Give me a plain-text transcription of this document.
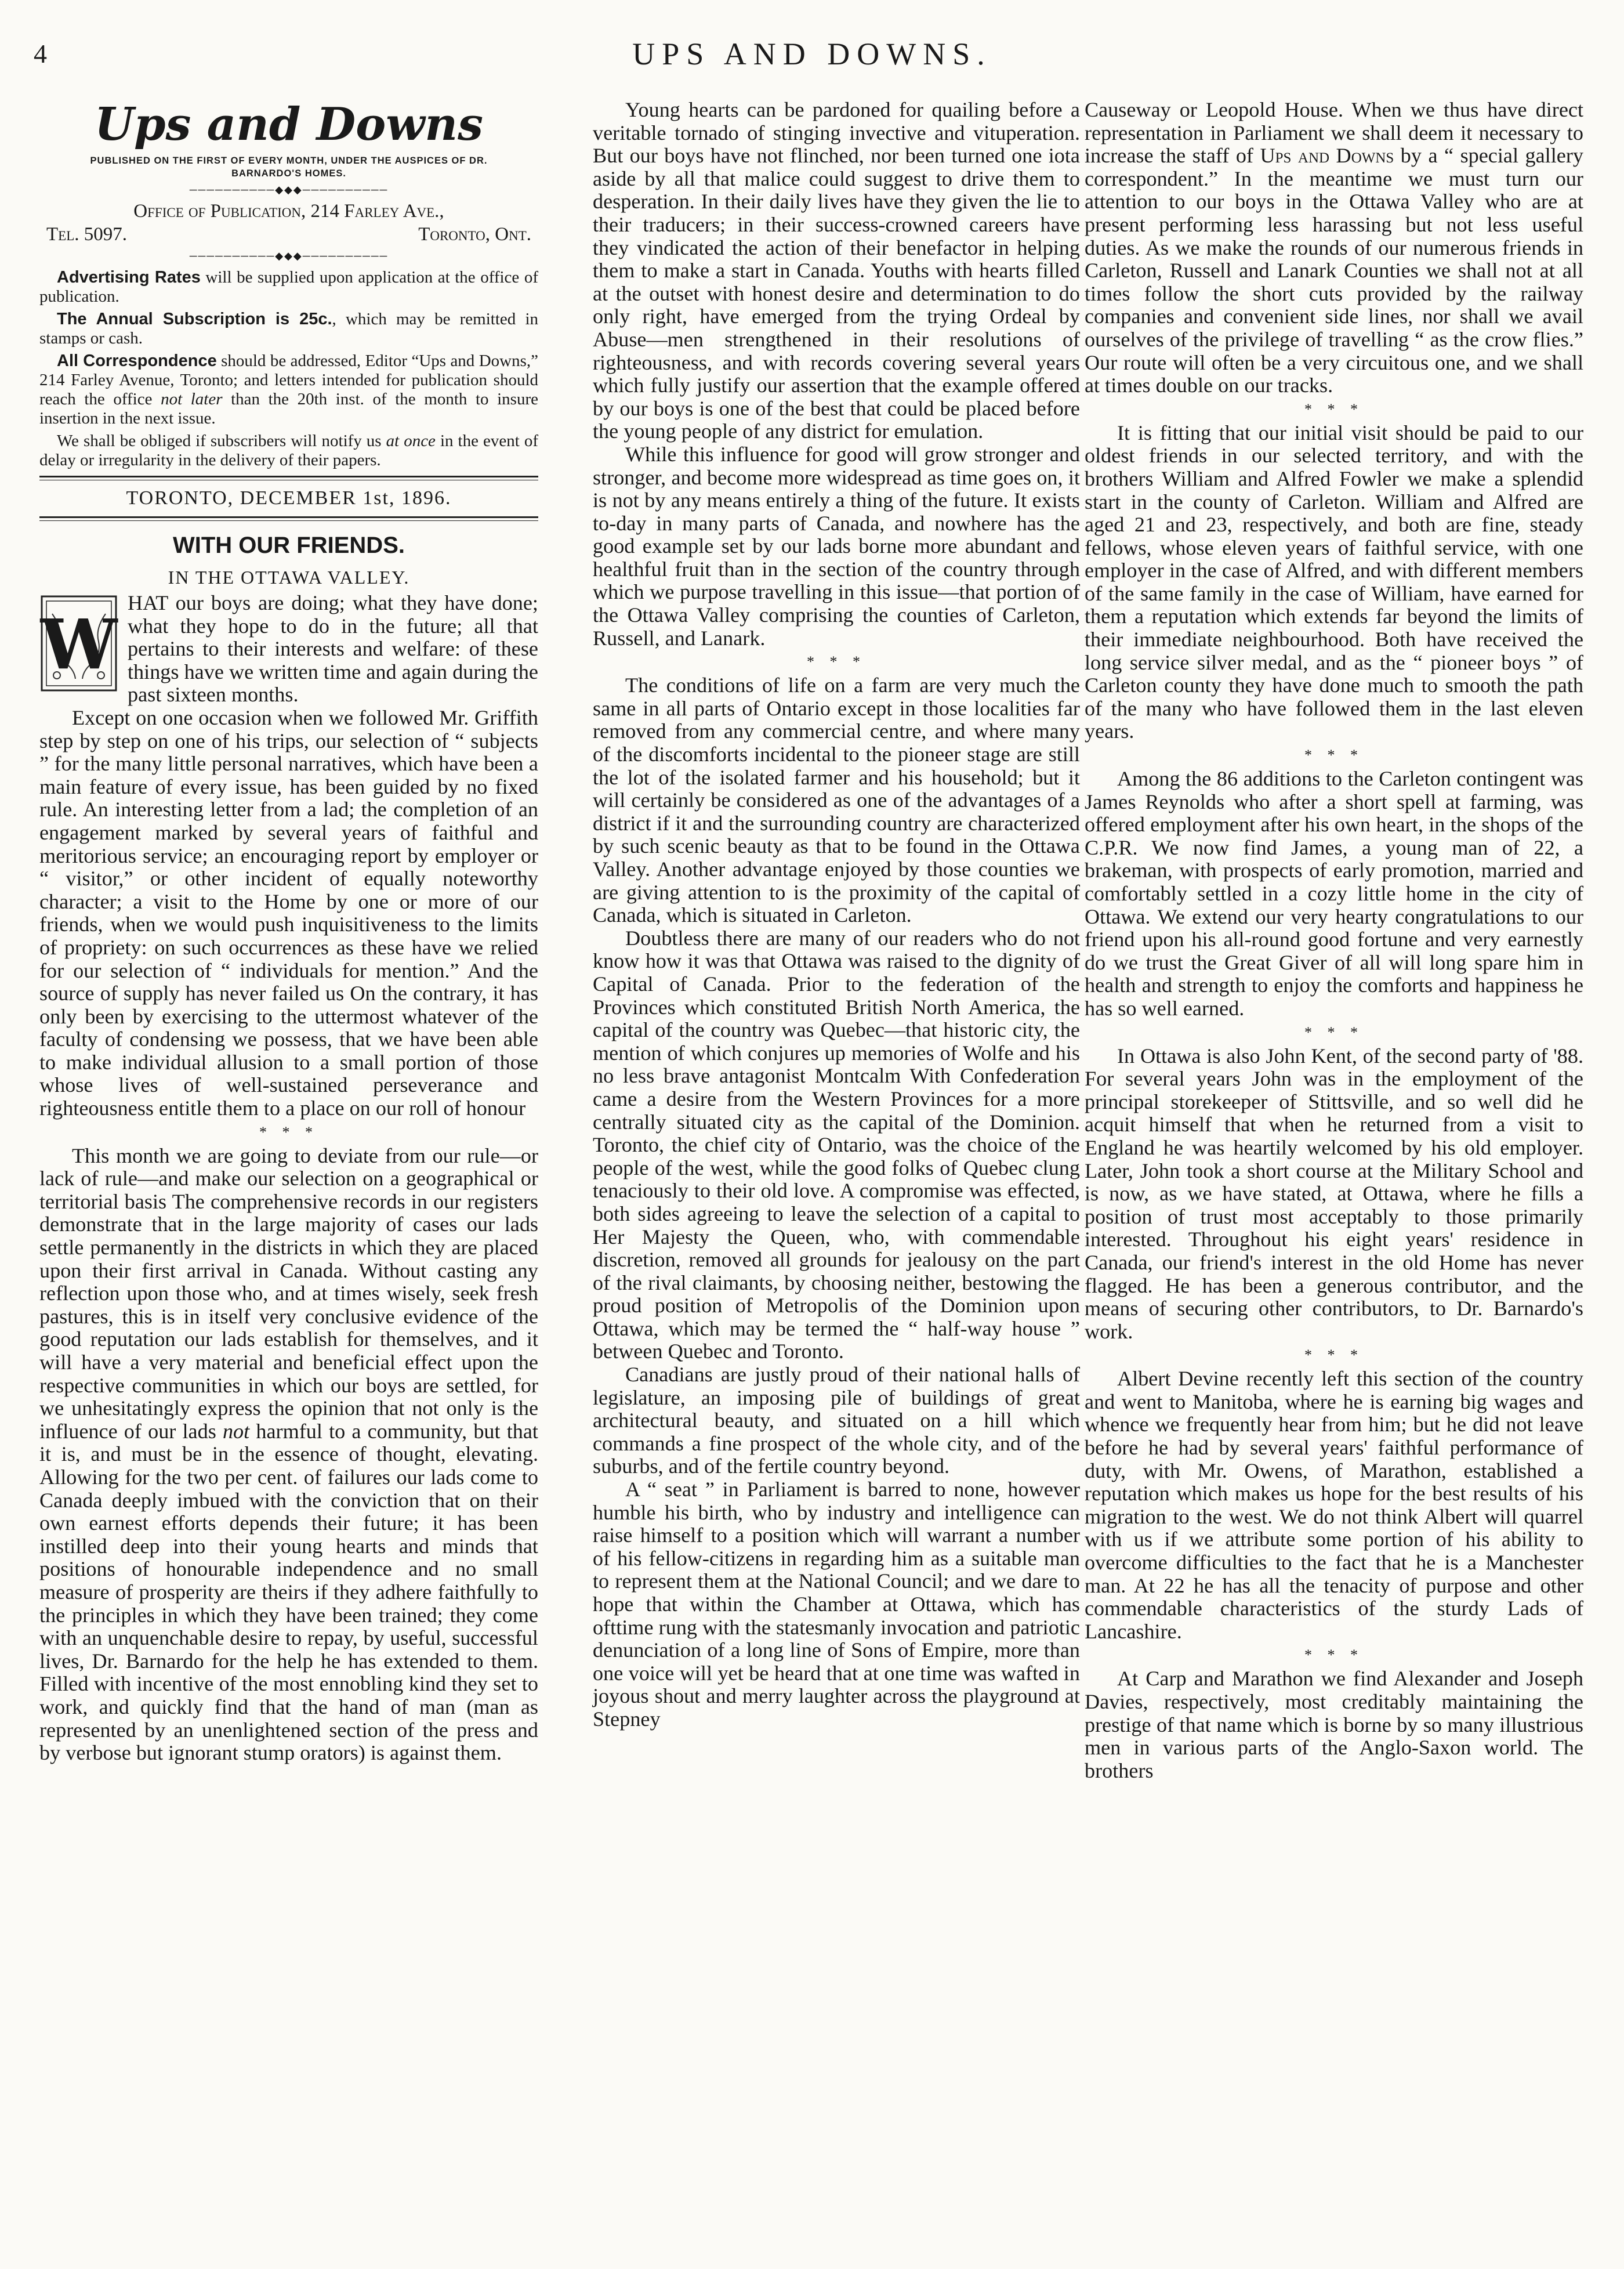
4	UPS AND DOWNS.
Ups and Downs
PUBLISHED ON THE FIRST OF EVERY MONTH, UNDER THE AUSPICES OF DR. BARNARDO'S HOMES.
──────────◆◆◆──────────
Office of Publication, 214 Farley Ave.,
Tel. 5097.	Toronto, Ont.
──────────◆◆◆──────────
Advertising Rates will be supplied upon application at the office of publication.
The Annual Subscription is 25c., which may be remitted in stamps or cash.
All Correspondence should be addressed, Editor “Ups and Downs,” 214 Farley Avenue, Toronto; and letters intended for publication should reach the office not later than the 20th inst. of the month to insure insertion in the next issue.
We shall be obliged if subscribers will notify us at once in the event of delay or irregularity in the delivery of their papers.
TORONTO, DECEMBER 1st, 1896.
WITH OUR FRIENDS.
IN THE OTTAWA VALLEY.

W
HAT our boys are doing; what they have done; what they hope to do in the future; all that pertains to their interests and welfare: of these things have we written time and again during the past sixteen months.

Except on one occasion when we followed Mr. Griffith step by step on one of his trips, our selection of “ subjects ” for the many little personal narratives, which have been a main feature of every issue, has been guided by no fixed rule. An interesting letter from a lad; the completion of an engagement marked by several years of faithful and meritorious service; an encouraging report by employer or “ visitor,” or other incident of equally noteworthy character; a visit to the Home by one or more of our friends, when we would push inquisitiveness to the limits of propriety: on such occurrences as these have we relied for our selection of “ individuals for mention.” And the source of supply has never failed us On the contrary, it has only been by exercising to the uttermost whatever of the faculty of condensing we possess, that we have been able to make individual allusion to a small portion of those whose lives of well-sustained perseverance and righteousness entitle them to a place on our roll of honour

* * *

This month we are going to deviate from our rule—or lack of rule—and make our selection on a geographical or territorial basis The comprehensive records in our registers demonstrate that in the large majority of cases our lads settle permanently in the districts in which they are placed upon their first arrival in Canada. Without casting any reflection upon those who, and at times wisely, seek fresh pastures, this is in itself very conclusive evidence of the good reputation our lads establish for themselves, and it will have a very material and beneficial effect upon the respective communities in which our boys are settled, for we unhesitatingly express the opinion that not only is the influence of our lads not harmful to a community, but that it is, and must be in the essence of thought, elevating. Allowing for the two per cent. of failures our lads come to Canada deeply imbued with the conviction that on their own earnest efforts depends their future; it has been instilled deep into their young hearts and minds that positions of honourable independence and no small measure of prosperity are theirs if they adhere faithfully to the principles in which they have been trained; they come with an unquenchable desire to repay, by useful, successful lives, Dr. Barnardo for the help he has extended to them. Filled with incentive of the most ennobling kind they set to work, and quickly find that the hand of man (man as represented by an unenlightened section of the press and by verbose but ignorant stump orators) is against them.

Young hearts can be pardoned for quailing before a veritable tornado of stinging invective and vituperation. But our boys have not flinched, nor been turned one iota aside by all that malice could suggest to drive them to desperation. In their daily lives have they given the lie to their traducers; in their success-crowned careers have they vindicated the action of their benefactor in helping them to make a start in Canada. Youths with hearts filled at the outset with honest desire and determination to do only right, have emerged from the trying Ordeal by Abuse—men strengthened in their resolutions of righteousness, and with records covering several years which fully justify our assertion that the example offered by our boys is one of the best that could be placed before the young people of any district for emulation.

While this influence for good will grow stronger and stronger, and become more widespread as time goes on, it is not by any means entirely a thing of the future. It exists to-day in many parts of Canada, and nowhere has the good example set by our lads borne more abundant and healthful fruit than in the section of the country through which we purpose travelling in this issue—that portion of the Ottawa Valley comprising the counties of Carleton, Russell, and Lanark.

* * *

The conditions of life on a farm are very much the same in all parts of Ontario except in those localities far removed from any commercial centre, and where many of the discomforts incidental to the pioneer stage are still the lot of the isolated farmer and his household; but it will certainly be considered as one of the advantages of a district if it and the surrounding country are characterized by such scenic beauty as that to be found in the Ottawa Valley. Another advantage enjoyed by those counties we are giving attention to is the proximity of the capital of Canada, which is situated in Carleton.

Doubtless there are many of our readers who do not know how it was that Ottawa was raised to the dignity of Capital of Canada. Prior to the federation of the Provinces which constituted British North America, the capital of the country was Quebec—that historic city, the mention of which conjures up memories of Wolfe and his no less brave antagonist Montcalm With Confederation came a desire from the Western Provinces for a more centrally situated city as the capital of the Dominion. Toronto, the chief city of Ontario, was the choice of the people of the west, while the good folks of Quebec clung tenaciously to their old love. A compromise was effected, both sides agreeing to leave the selection of a capital to Her Majesty the Queen, who, with commendable discretion, removed all grounds for jealousy on the part of the rival claimants, by choosing neither, bestowing the proud position of Metropolis of the Dominion upon Ottawa, which may be termed the “ half-way house ” between Quebec and Toronto.

Canadians are justly proud of their national halls of legislature, an imposing pile of buildings of great architectural beauty, and situated on a hill which commands a fine prospect of the whole city, and of the suburbs, and of the fertile country beyond.

A “ seat ” in Parliament is barred to none, however humble his birth, who by industry and intelligence can raise himself to a position which will warrant a number of his fellow-citizens in regarding him as a suitable man to represent them at the National Council; and we dare to hope that within the Chamber at Ottawa, which has ofttime rung with the statesmanly invocation and patriotic denunciation of a long line of Sons of Empire, more than one voice will yet be heard that at one time was wafted in joyous shout and merry laughter across the playground at Stepney

Causeway or Leopold House. When we thus have direct representation in Parliament we shall deem it necessary to increase the staff of Ups and Downs by a “ special gallery correspondent.” In the meantime we must turn our attention to our boys in the Ottawa Valley who are at present performing less harassing but not less useful duties. As we make the rounds of our numerous friends in Carleton, Russell and Lanark Counties we shall not at all times follow the short cuts provided by the railway companies and convenient side lines, nor shall we avail ourselves of the privilege of travelling “ as the crow flies.” Our route will often be a very circuitous one, and we shall at times double on our tracks.

* * *

It is fitting that our initial visit should be paid to our oldest friends in our selected territory, and with the brothers William and Alfred Fowler we make a splendid start in the county of Carleton. William and Alfred are aged 21 and 23, respectively, and both are fine, steady fellows, whose eleven years of faithful service, with one employer in the case of Alfred, and with different members of the same family in the case of William, have earned for them a reputation which extends far beyond the limits of their immediate neighbourhood. Both have received the long service silver medal, and as the “ pioneer boys ” of Carleton county they have done much to smooth the path of the many who have followed them in the last eleven years.

* * *

Among the 86 additions to the Carleton contingent was James Reynolds who after a short spell at farming, was offered employment after his own heart, in the shops of the C.P.R. We now find James, a young man of 22, a brakeman, with prospects of early promotion, married and comfortably settled in a cozy little home in the city of Ottawa. We extend our very hearty congratulations to our friend upon his all-round good fortune and very earnestly do we trust the Great Giver of all will long spare him in health and strength to enjoy the comforts and happiness he has so well earned.

* * *

In Ottawa is also John Kent, of the second party of '88. For several years John was in the employment of the principal storekeeper of Stittsville, and so well did he acquit himself that when he returned from a visit to England he was heartily welcomed by his old employer. Later, John took a short course at the Military School and is now, as we have stated, at Ottawa, where he fills a position of trust most acceptably to those primarily interested. Throughout his eight years' residence in Canada, our friend's interest in the old Home has never flagged. He has been a generous contributor, and the means of securing other contributors, to Dr. Barnardo's work.

* * *

Albert Devine recently left this section of the country and went to Manitoba, where he is earning big wages and whence we frequently hear from him; but he did not leave before he had by several years' faithful performance of duty, with Mr. Owens, of Marathon, established a reputation which makes us hope for the best results of his migration to the west. We do not think Albert will quarrel with us if we attribute some portion of his ability to overcome difficulties to the fact that he is a Manchester man. At 22 he has all the tenacity of purpose and other commendable characteristics of the sturdy Lads of Lancashire.

* * *

At Carp and Marathon we find Alexander and Joseph Davies, respectively, most creditably maintaining the prestige of that name which is borne by so many illustrious men in various parts of the Anglo-Saxon world. The brothers
